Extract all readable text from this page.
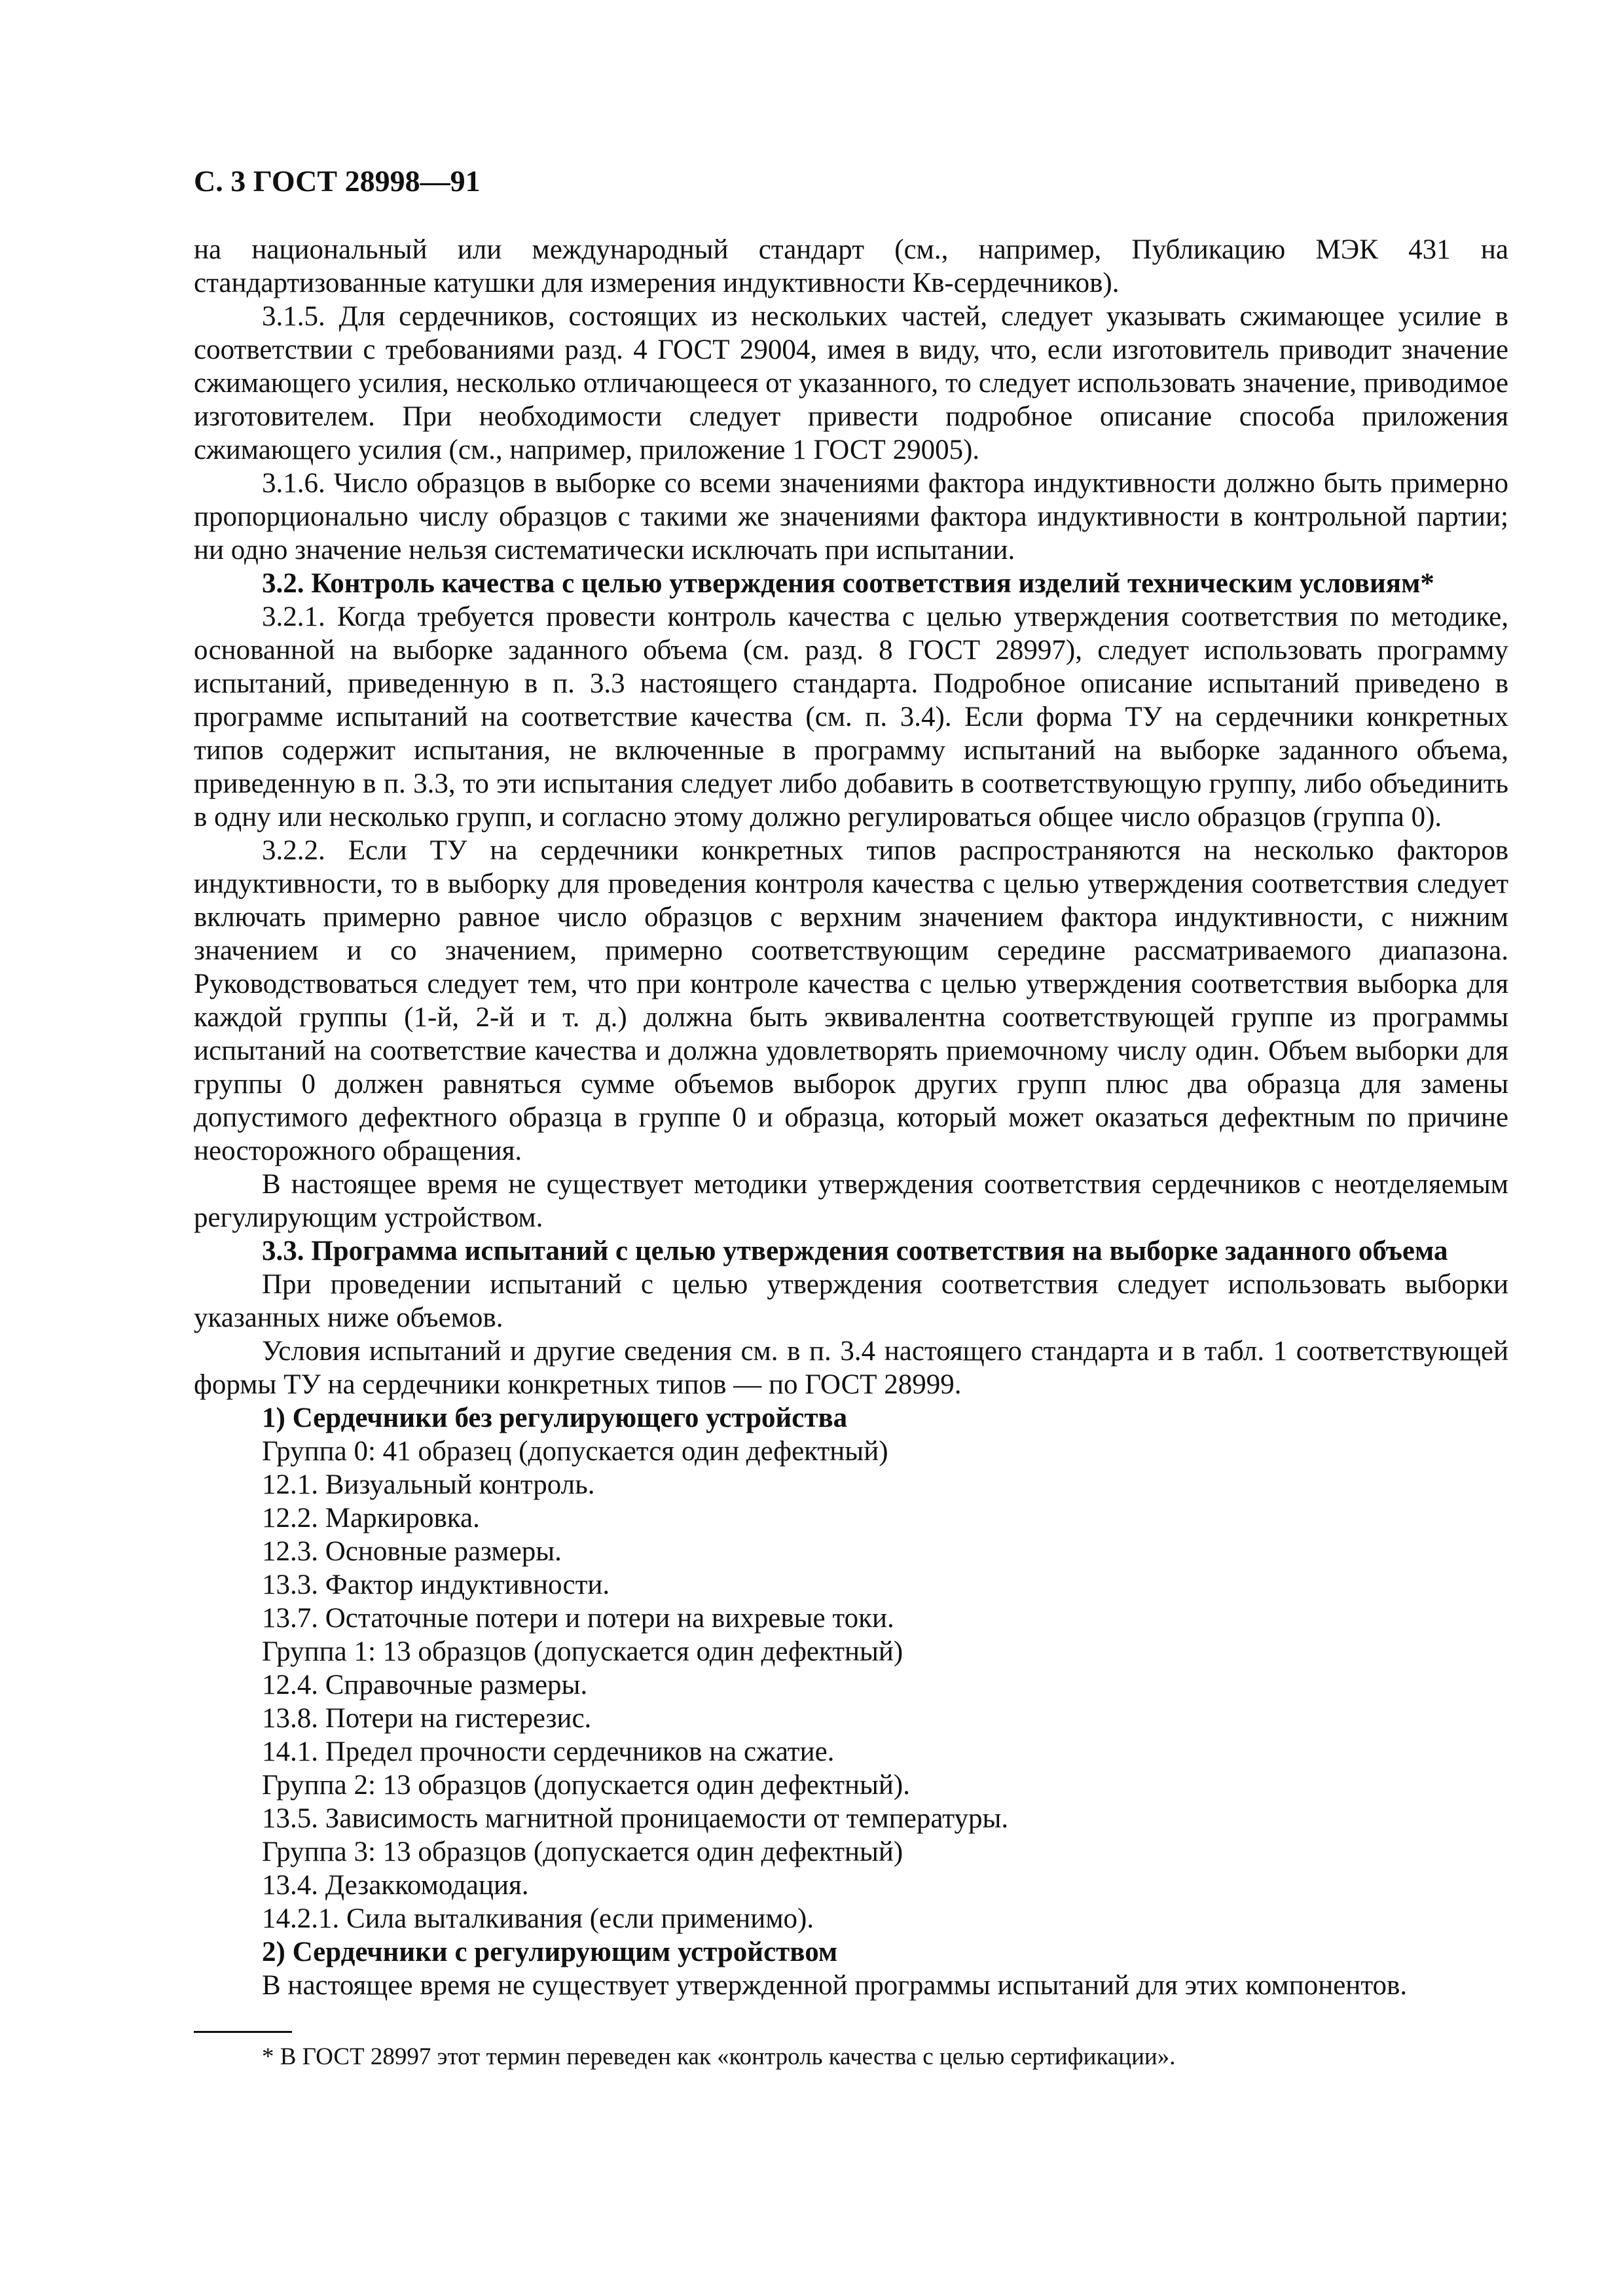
С. 3 ГОСТ 28998—91

на национальный или международный стандарт (см., например, Публикацию МЭК 431 на стандартизованные катушки для измерения индуктивности Кв-сердечников).

3.1.5. Для сердечников, состоящих из нескольких частей, следует указывать сжимающее усилие в соответствии с требованиями разд. 4 ГОСТ 29004, имея в виду, что, если изготовитель приводит значение сжимающего усилия, несколько отличающееся от указанного, то следует использовать значение, приводимое изготовителем. При необходимости следует привести подробное описание способа приложения сжимающего усилия (см., например, приложение 1 ГОСТ 29005).

3.1.6. Число образцов в выборке со всеми значениями фактора индуктивности должно быть примерно пропорционально числу образцов с такими же значениями фактора индуктивности в контрольной партии; ни одно значение нельзя систематически исключать при испытании.

3.2. Контроль качества с целью утверждения соответствия изделий техническим условиям*

3.2.1. Когда требуется провести контроль качества с целью утверждения соответствия по методике, основанной на выборке заданного объема (см. разд. 8 ГОСТ 28997), следует использовать программу испытаний, приведенную в п. 3.3 настоящего стандарта. Подробное описание испытаний приведено в программе испытаний на соответствие качества (см. п. 3.4). Если форма ТУ на сердечники конкретных типов содержит испытания, не включенные в программу испытаний на выборке заданного объема, приведенную в п. 3.3, то эти испытания следует либо добавить в соответствующую группу, либо объединить в одну или несколько групп, и согласно этому должно регулироваться общее число образцов (группа 0).

3.2.2. Если ТУ на сердечники конкретных типов распространяются на несколько факторов индуктивности, то в выборку для проведения контроля качества с целью утверждения соответствия следует включать примерно равное число образцов с верхним значением фактора индуктивности, с нижним значением и со значением, примерно соответствующим середине рассматриваемого диапазона. Руководствоваться следует тем, что при контроле качества с целью утверждения соответствия выборка для каждой группы (1-й, 2-й и т. д.) должна быть эквивалентна соответствующей группе из программы испытаний на соответствие качества и должна удовлетворять приемочному числу один. Объем выборки для группы 0 должен равняться сумме объемов выборок других групп плюс два образца для замены допустимого дефектного образца в группе 0 и образца, который может оказаться дефектным по причине неосторожного обращения.

В настоящее время не существует методики утверждения соответствия сердечников с неотделяемым регулирующим устройством.

3.3. Программа испытаний с целью утверждения соответствия на выборке заданного объема

При проведении испытаний с целью утверждения соответствия следует использовать выборки указанных ниже объемов.

Условия испытаний и другие сведения см. в п. 3.4 настоящего стандарта и в табл. 1 соответствующей формы ТУ на сердечники конкретных типов — по ГОСТ 28999.

1) Сердечники без регулирующего устройства

Группа 0: 41 образец (допускается один дефектный)

12.1. Визуальный контроль.

12.2. Маркировка.

12.3. Основные размеры.

13.3. Фактор индуктивности.

13.7. Остаточные потери и потери на вихревые токи.

Группа 1: 13 образцов (допускается один дефектный)

12.4. Справочные размеры.

13.8. Потери на гистерезис.

14.1. Предел прочности сердечников на сжатие.

Группа 2: 13 образцов (допускается один дефектный).

13.5. Зависимость магнитной проницаемости от температуры.

Группа 3: 13 образцов (допускается один дефектный)

13.4. Дезаккомодация.

14.2.1. Сила выталкивания (если применимо).

2) Сердечники с регулирующим устройством

В настоящее время не существует утвержденной программы испытаний для этих компонентов.

* В ГОСТ 28997 этот термин переведен как «контроль качества с целью сертификации».
